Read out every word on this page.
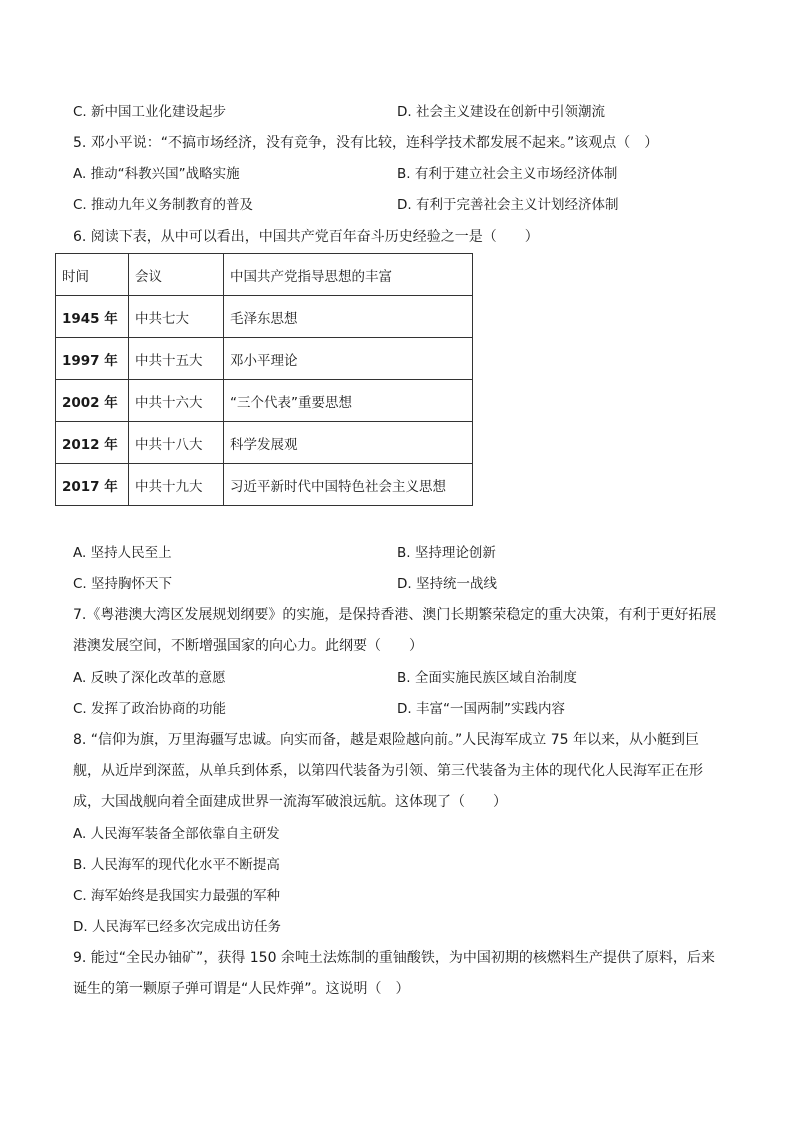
C. 新中国工业化建设起步	D. 社会主义建设在创新中引领潮流
5. 邓小平说：“不搞市场经济，没有竞争，没有比较，连科学技术都发展不起来。”该观点（　）
A. 推动“科教兴国”战略实施	B. 有利于建立社会主义市场经济体制
C. 推动九年义务制教育的普及	D. 有利于完善社会主义计划经济体制
6. 阅读下表，从中可以看出，中国共产党百年奋斗历史经验之一是（　　）
时间	会议	中国共产党指导思想的丰富
1945 年	中共七大	毛泽东思想
1997 年	中共十五大	邓小平理论
2002 年	中共十六大	“三个代表”重要思想
2012 年	中共十八大	科学发展观
2017 年	中共十九大	习近平新时代中国特色社会主义思想
A. 坚持人民至上	B. 坚持理论创新
C. 坚持胸怀天下	D. 坚持统一战线
7.《粤港澳大湾区发展规划纲要》的实施，是保持香港、澳门长期繁荣稳定的重大决策，有利于更好拓展港澳发展空间，不断增强国家的向心力。此纲要（　　）
A. 反映了深化改革的意愿	B. 全面实施民族区域自治制度
C. 发挥了政治协商的功能	D. 丰富“一国两制”实践内容
8. “信仰为旗，万里海疆写忠诚。向实而备，越是艰险越向前。”人民海军成立 75 年以来，从小艇到巨舰，从近岸到深蓝，从单兵到体系，以第四代装备为引领、第三代装备为主体的现代化人民海军正在形成，大国战舰向着全面建成世界一流海军破浪远航。这体现了（　　）
A. 人民海军装备全部依靠自主研发
B. 人民海军的现代化水平不断提高
C. 海军始终是我国实力最强的军种
D. 人民海军已经多次完成出访任务
9. 能过“全民办铀矿”，获得 150 余吨土法炼制的重铀酸铁，为中国初期的核燃料生产提供了原料，后来诞生的第一颗原子弹可谓是“人民炸弹”。这说明（　）
